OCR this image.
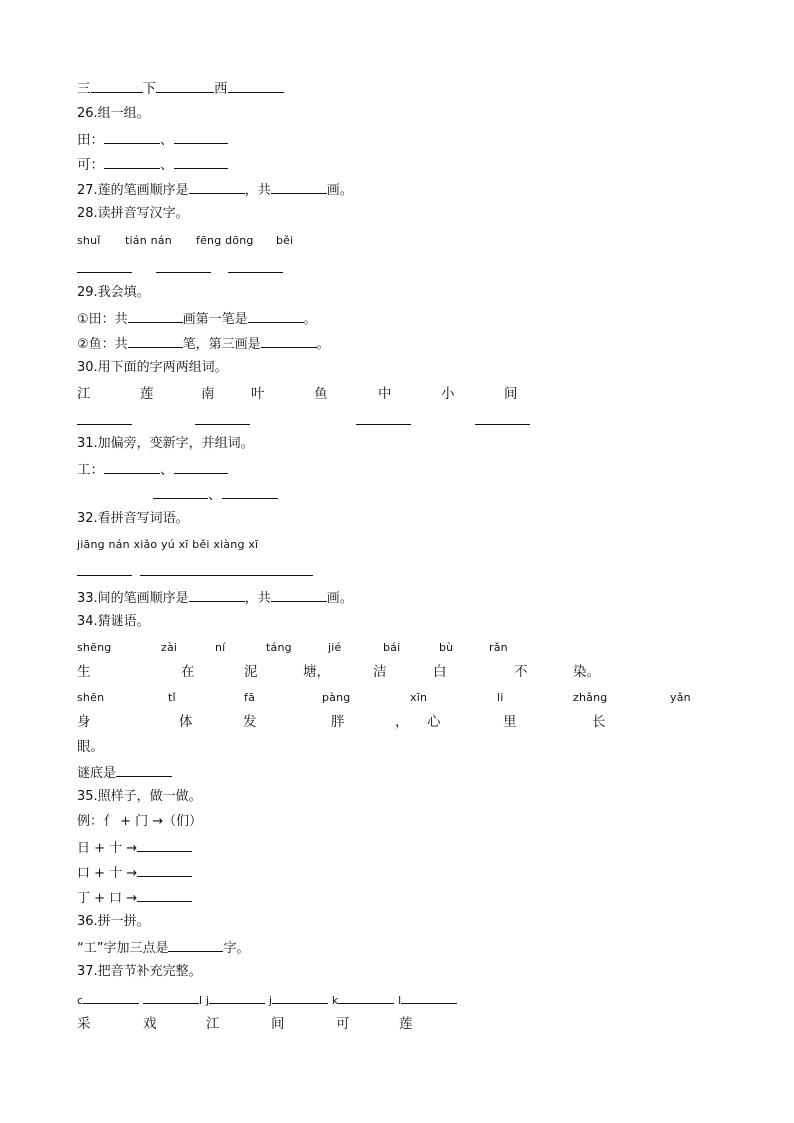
三	下	西
26.组一组。
田：	、
可：	、
27.莲的笔画顺序是	，共	画。
28.读拼音写汉字。
shuǐ tián nán fēng dōng běi
29.我会填。
①田：共	画第一笔是	。
②鱼：共	笔，第三画是	。
30.用下面的字两两组词。
江	莲	南	叶	鱼	中	小	间
31.加偏旁，变新字，并组词。
工：	、
、
32.看拼音写词语。
jiāng nán xiǎo yú xī běi xiàng xī
33.间的笔画顺序是	，共	画。
34.猜谜语。
shēng	zài	ní	táng	jié	bái	bù	rǎn
生	在	泥	塘，	洁	白	不	染。
shēn	tǐ	fā	pàng	xīn	li	zhǎng	yǎn
身	体	发	胖	， 心	里	长
眼。
谜底是
35.照样子，做一做。
例：亻 + 门 →（们）
日 + 十 →
口 + 十 →
丁 + 口 →
36.拼一拼。
“工”字加三点是	字。
37.把音节补充完整。
c	l j	j	k	l
采	戏	江	间	可	莲
